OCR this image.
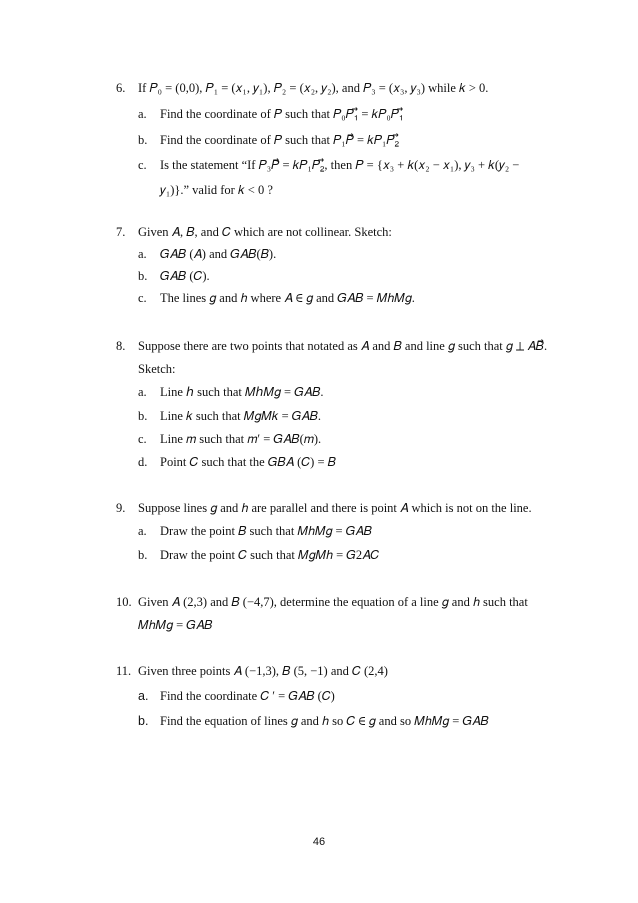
6. If 𝑃₀ = (0,0), 𝑃₁ = (𝑥₁, 𝑦₁), 𝑃₂ = (𝑥₂, 𝑦₂), and 𝑃₃ = (𝑥₃, 𝑦₃) while 𝑘 > 0.
a. Find the coordinate of 𝑃 such that 𝑃₀𝑃₁⃗ = 𝑘𝑃₀𝑃₁⃗
b. Find the coordinate of 𝑃 such that 𝑃₁𝑃⃗ = 𝑘𝑃₁𝑃₂⃗
c. Is the statement “If 𝑃₃𝑃⃗ = 𝑘𝑃₁𝑃₂⃗, then 𝑃 = {𝑥₃ + 𝑘(𝑥₂ − 𝑥₁), 𝑦₃ + 𝑘(𝑦₂ −
𝑦₁)}.” valid for 𝑘 < 0 ?
7. Given 𝐴, 𝐵, and 𝐶 which are not collinear. Sketch:
a. 𝐺𝐴𝐵 (𝐴) and 𝐺𝐴𝐵(𝐵).
b. 𝐺𝐴𝐵 (𝐶).
c. The lines 𝑔 and ℎ where 𝐴 ∈ 𝑔 and 𝐺𝐴𝐵 = 𝑀ℎ𝑀𝑔.
8. Suppose there are two points that notated as 𝐴 and 𝐵 and line 𝑔 such that 𝑔 ⊥ 𝐴𝐵⃗.
Sketch:
a. Line ℎ such that 𝑀ℎ𝑀𝑔 = 𝐺𝐴𝐵.
b. Line 𝑘 such that 𝑀𝑔𝑀𝑘 = 𝐺𝐴𝐵.
c. Line 𝑚 such that 𝑚′ = 𝐺𝐴𝐵(𝑚).
d. Point 𝐶 such that the 𝐺𝐵𝐴 (𝐶) = 𝐵
9. Suppose lines 𝑔 and ℎ are parallel and there is point 𝐴 which is not on the line.
a. Draw the point 𝐵 such that 𝑀ℎ𝑀𝑔 = 𝐺𝐴𝐵
b. Draw the point 𝐶 such that 𝑀𝑔𝑀ℎ = 𝐺2𝐴𝐶
10. Given 𝐴 (2,3) and 𝐵 (−4,7), determine the equation of a line 𝑔 and ℎ such that
𝑀ℎ𝑀𝑔 = 𝐺𝐴𝐵
11. Given three points 𝐴 (−1,3), 𝐵 (5, −1) and 𝐶 (2,4)
a. Find the coordinate 𝐶 ′ = 𝐺𝐴𝐵 (𝐶)
b. Find the equation of lines 𝑔 and ℎ so 𝐶 ∈ 𝑔 and so 𝑀ℎ𝑀𝑔 = 𝐺𝐴𝐵
46
